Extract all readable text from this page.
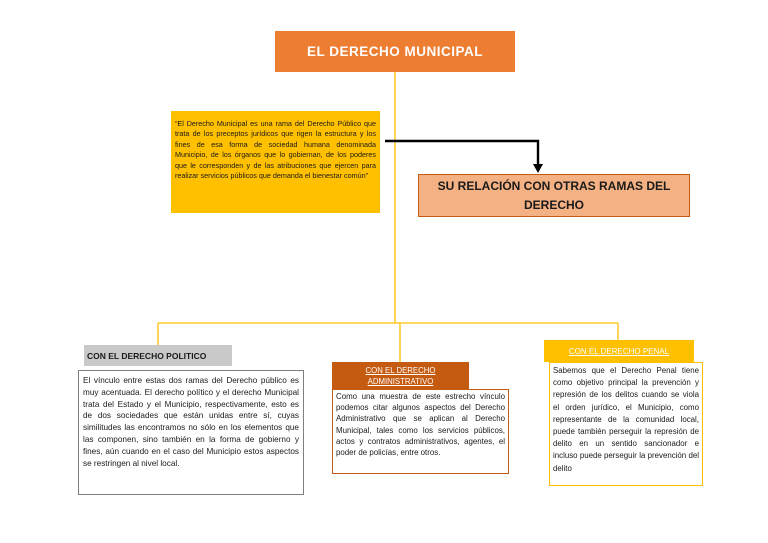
EL DERECHO MUNICIPAL
“El Derecho Municipal es una rama del Derecho Público que trata de los preceptos jurídicos que rigen la estructura y los fines de esa forma de sociedad humana denominada Municipio, de los órganos que lo gobiernan, de los poderes que le corresponden y de las atribuciones que ejercen para realizar servicios públicos que demanda el bienestar común”
SU RELACIÓN CON OTRAS RAMAS DEL DERECHO
CON EL DERECHO POLITICO
El vínculo entre estas dos ramas del Derecho público es muy acentuada. El derecho político y el derecho Municipal trata del Estado y el Municipio, respectivamente, esto es de dos sociedades que están unidas entre sí, cuyas similitudes las encontramos no sólo en los elementos que las componen, sino también en la forma de gobierno y fines, aún cuando en el caso del Municipio estos aspectos se restringen al nivel local.
CON EL DERECHO
ADMINISTRATIVO
Como una muestra de este estrecho vínculo podemos citar algunos aspectos del Derecho Administrativo que se aplican al Derecho Municipal, tales como los servicios públicos, actos y contratos administrativos, agentes, el poder de policías, entre otros.
CON EL DERECHO PENAL
Sabemos que el Derecho Penal tiene como objetivo principal la prevención y represión de los delitos cuando se viola el orden jurídico, el Municipio, como representante de la comunidad local, puede también perseguir la represión de delito en un sentido sancionador e incluso puede perseguir la prevención del delito
